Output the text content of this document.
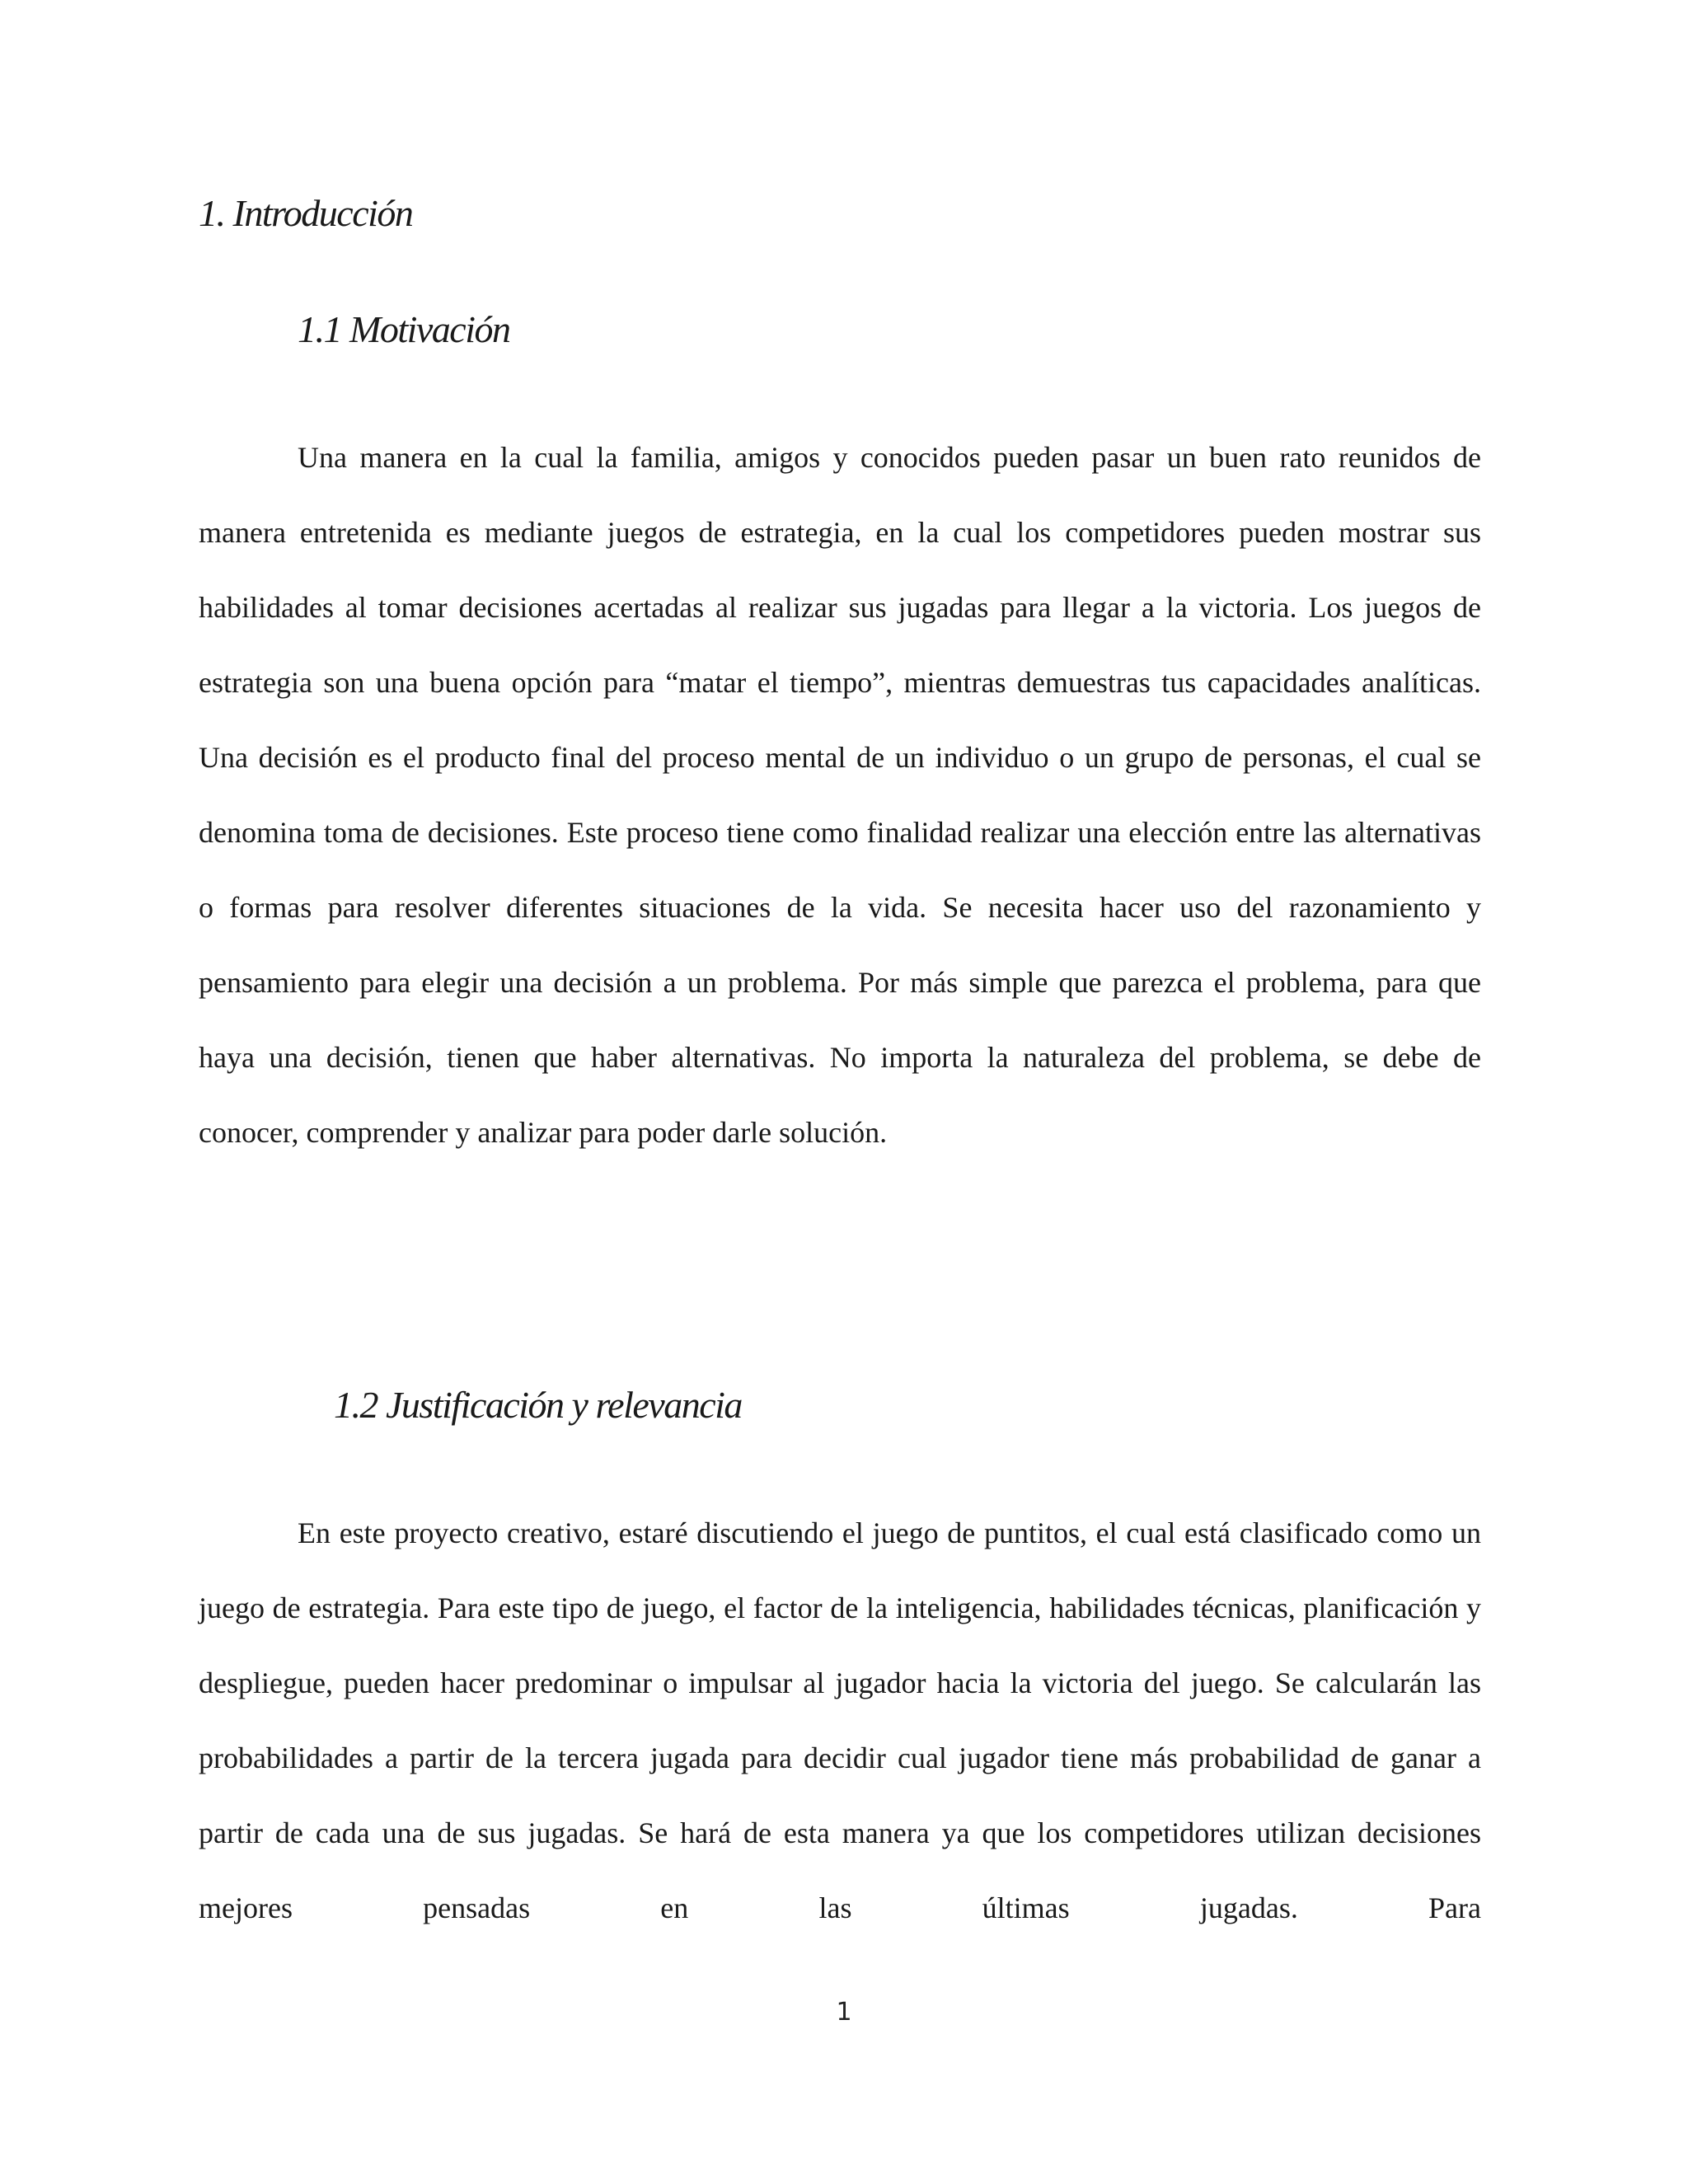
1. Introducción
1.1 Motivación

Una manera en la cual la familia, amigos y conocidos pueden pasar un buen rato reunidos de manera entretenida es mediante juegos de estrategia, en la cual los competidores pueden mostrar sus habilidades al tomar decisiones acertadas al realizar sus jugadas para llegar a la victoria. Los juegos de estrategia son una buena opción para “matar el tiempo”, mientras demuestras tus capacidades analíticas. Una decisión es el producto final del proceso mental de un individuo o un grupo de personas, el cual se denomina toma de decisiones. Este proceso tiene como finalidad realizar una elección entre las alternativas o formas para resolver diferentes situaciones de la vida. Se necesita hacer uso del razonamiento y pensamiento para elegir una decisión a un problema. Por más simple que parezca el problema, para que haya una decisión, tienen que haber alternativas. No importa la naturaleza del problema, se debe de conocer, comprender y analizar para poder darle solución.

1.2 Justificación y relevancia

En este proyecto creativo, estaré discutiendo el juego de puntitos, el cual está clasificado como un juego de estrategia. Para este tipo de juego, el factor de la inteligencia, habilidades técnicas, planificación y despliegue, pueden hacer predominar o impulsar al jugador hacia la victoria del juego. Se calcularán las probabilidades a partir de la tercera jugada para decidir cual jugador tiene más probabilidad de ganar a partir de cada una de sus jugadas. Se hará de esta manera ya que los competidores utilizan decisiones mejores pensadas en las últimas jugadas. Para

1
